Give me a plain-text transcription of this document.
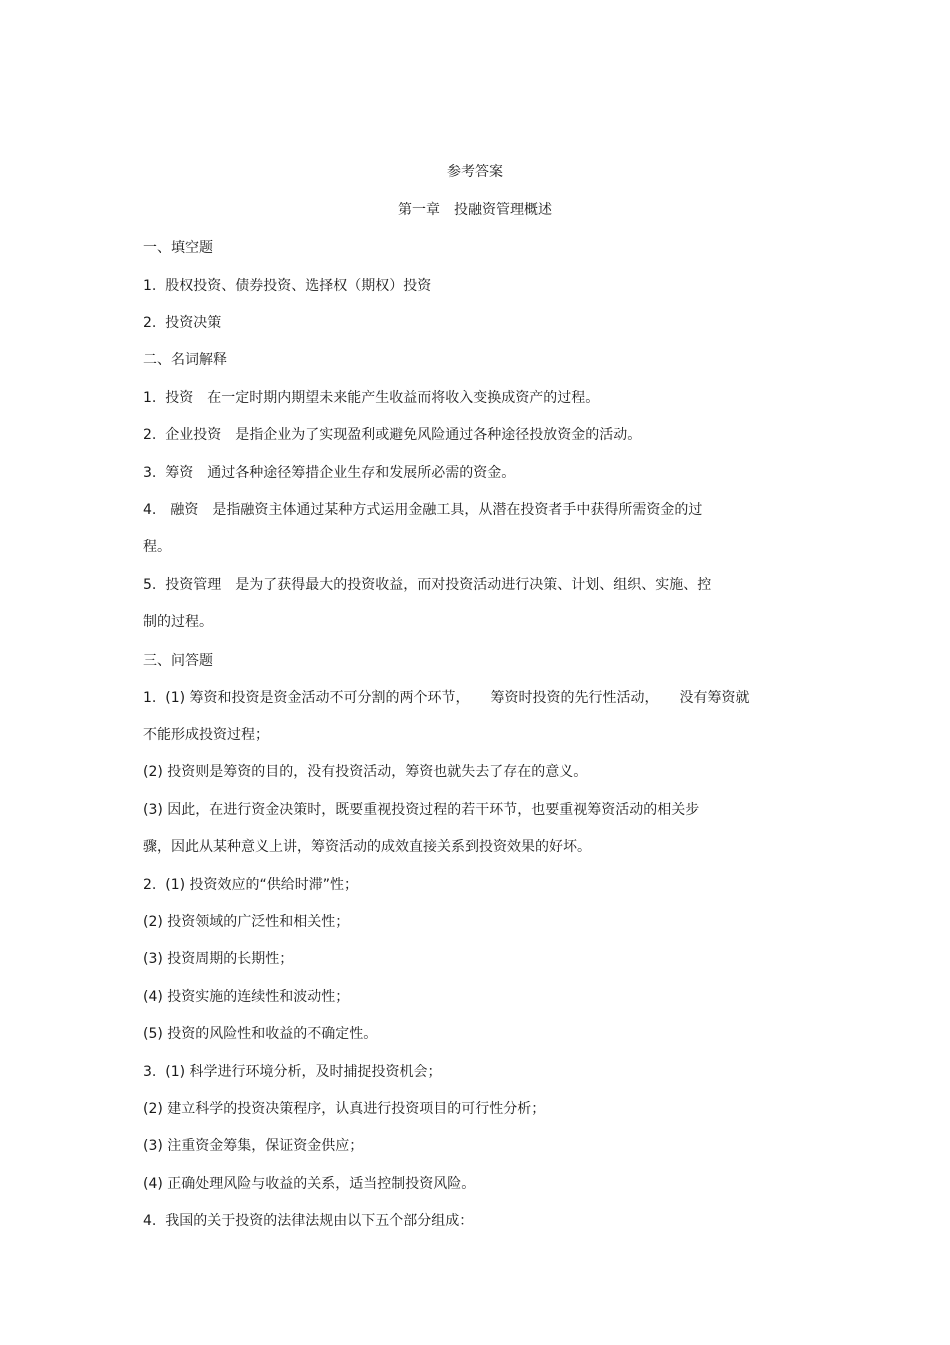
参考答案
第一章　投融资管理概述
一、填空题
1.  股权投资、债券投资、选择权（期权）投资
2.  投资决策
二、名词解释
1.  投资　在一定时期内期望未来能产生收益而将收入变换成资产的过程。
2.  企业投资　是指企业为了实现盈利或避免风险通过各种途径投放资金的活动。
3.  筹资　通过各种途径筹措企业生存和发展所必需的资金。
4.　融资　是指融资主体通过某种方式运用金融工具，从潜在投资者手中获得所需资金的过
程。
5.  投资管理　是为了获得最大的投资收益，而对投资活动进行决策、计划、组织、实施、控
制的过程。
三、问答题
1.  (1) 筹资和投资是资金活动不可分割的两个环节，　　筹资时投资的先行性活动，　　没有筹资就
不能形成投资过程；
(2) 投资则是筹资的目的，没有投资活动，筹资也就失去了存在的意义。
(3) 因此，在进行资金决策时，既要重视投资过程的若干环节，也要重视筹资活动的相关步
骤，因此从某种意义上讲，筹资活动的成效直接关系到投资效果的好坏。
2.  (1) 投资效应的“供给时滞”性；
(2) 投资领域的广泛性和相关性；
(3) 投资周期的长期性；
(4) 投资实施的连续性和波动性；
(5) 投资的风险性和收益的不确定性。
3.  (1) 科学进行环境分析，及时捕捉投资机会；
(2) 建立科学的投资决策程序，认真进行投资项目的可行性分析；
(3) 注重资金筹集，保证资金供应；
(4) 正确处理风险与收益的关系，适当控制投资风险。
4.  我国的关于投资的法律法规由以下五个部分组成：
